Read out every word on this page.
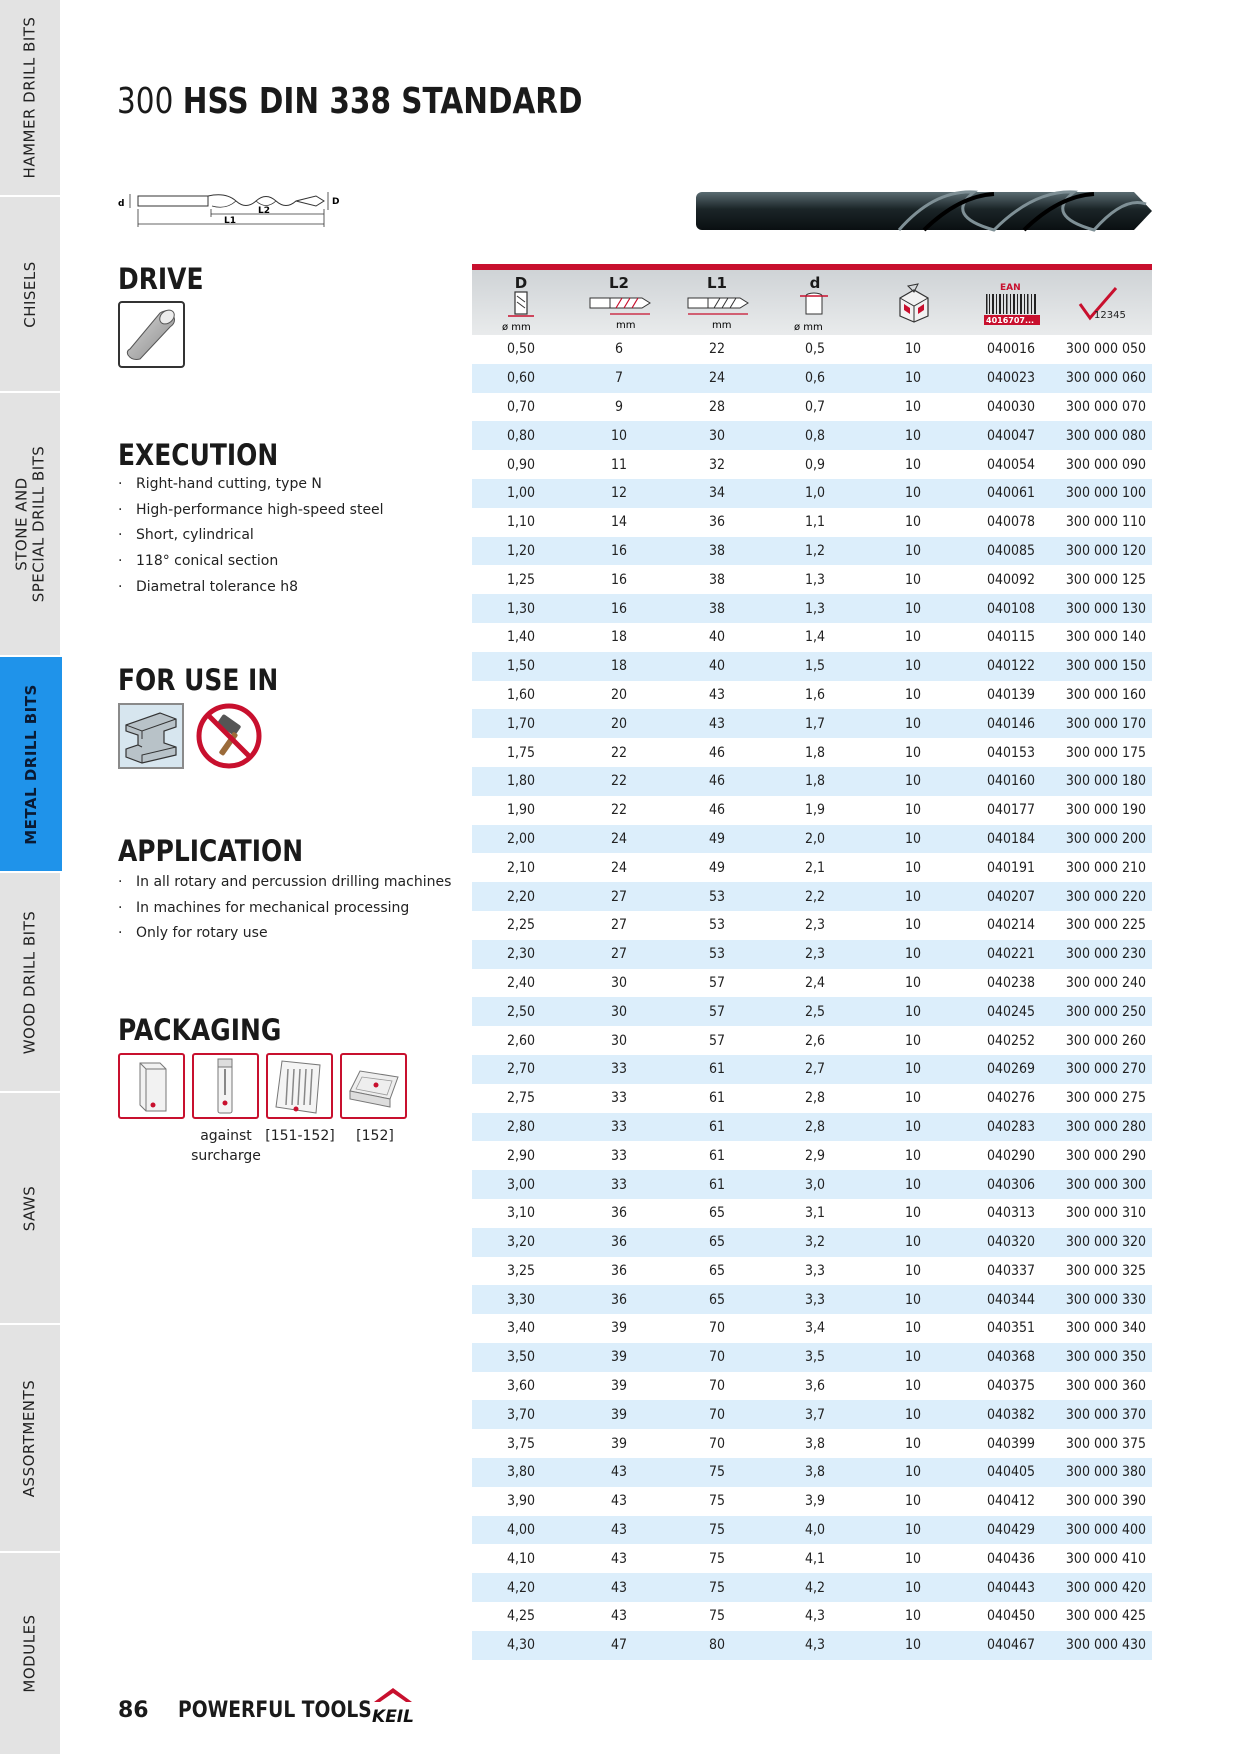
HAMMER DRILL BITS
CHISELS
STONE AND
SPECIAL DRILL BITS
METAL DRILL BITS
WOOD DRILL BITS
SAWS
ASSORTMENTS
MODULES
300 HSS DIN 338 STANDARD
d	D
L2
L1
DRIVE
EXECUTION
· Right-hand cutting, type N
· High-performance high-speed steel
· Short, cylindrical
· 118° conical section
· Diametral tolerance h8
FOR USE IN
APPLICATION
· In all rotary and percussion drilling machines
· In machines for mechanical processing
· Only for rotary use
PACKAGING
against
surcharge
[151-152]	[152]
D
ø mm
L2
mm
L1
mm
d
ø mm
EAN
4016707...	12345
0,50	6	22	0,5	10	040016	300 000 050
0,60	7	24	0,6	10	040023	300 000 060
0,70	9	28	0,7	10	040030	300 000 070
0,80	10	30	0,8	10	040047	300 000 080
0,90	11	32	0,9	10	040054	300 000 090
1,00	12	34	1,0	10	040061	300 000 100
1,10	14	36	1,1	10	040078	300 000 110
1,20	16	38	1,2	10	040085	300 000 120
1,25	16	38	1,3	10	040092	300 000 125
1,30	16	38	1,3	10	040108	300 000 130
1,40	18	40	1,4	10	040115	300 000 140
1,50	18	40	1,5	10	040122	300 000 150
1,60	20	43	1,6	10	040139	300 000 160
1,70	20	43	1,7	10	040146	300 000 170
1,75	22	46	1,8	10	040153	300 000 175
1,80	22	46	1,8	10	040160	300 000 180
1,90	22	46	1,9	10	040177	300 000 190
2,00	24	49	2,0	10	040184	300 000 200
2,10	24	49	2,1	10	040191	300 000 210
2,20	27	53	2,2	10	040207	300 000 220
2,25	27	53	2,3	10	040214	300 000 225
2,30	27	53	2,3	10	040221	300 000 230
2,40	30	57	2,4	10	040238	300 000 240
2,50	30	57	2,5	10	040245	300 000 250
2,60	30	57	2,6	10	040252	300 000 260
2,70	33	61	2,7	10	040269	300 000 270
2,75	33	61	2,8	10	040276	300 000 275
2,80	33	61	2,8	10	040283	300 000 280
2,90	33	61	2,9	10	040290	300 000 290
3,00	33	61	3,0	10	040306	300 000 300
3,10	36	65	3,1	10	040313	300 000 310
3,20	36	65	3,2	10	040320	300 000 320
3,25	36	65	3,3	10	040337	300 000 325
3,30	36	65	3,3	10	040344	300 000 330
3,40	39	70	3,4	10	040351	300 000 340
3,50	39	70	3,5	10	040368	300 000 350
3,60	39	70	3,6	10	040375	300 000 360
3,70	39	70	3,7	10	040382	300 000 370
3,75	39	70	3,8	10	040399	300 000 375
3,80	43	75	3,8	10	040405	300 000 380
3,90	43	75	3,9	10	040412	300 000 390
4,00	43	75	4,0	10	040429	300 000 400
4,10	43	75	4,1	10	040436	300 000 410
4,20	43	75	4,2	10	040443	300 000 420
4,25	43	75	4,3	10	040450	300 000 425
4,30	47	80	4,3	10	040467	300 000 430
86 POWERFUL TOOLS KEIL
